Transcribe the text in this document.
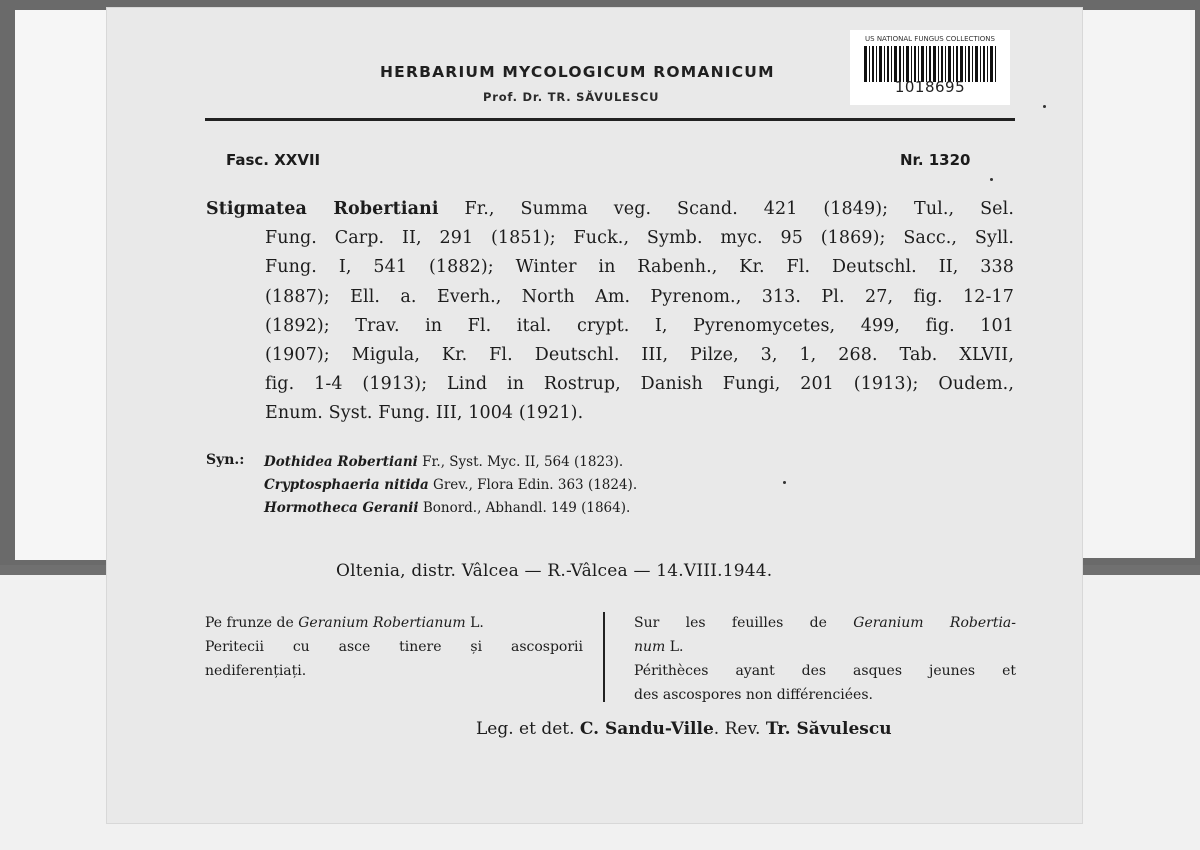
HERBARIUM MYCOLOGICUM ROMANICUM
Prof. Dr. TR. SĂVULESCU
US NATIONAL FUNGUS COLLECTIONS
1018695
Fasc. XXVII	Nr. 1320
Stigmatea Robertiani Fr., Summa veg. Scand. 421 (1849); Tul., Sel.
Fung. Carp. II, 291 (1851); Fuck., Symb. myc. 95 (1869); Sacc., Syll.
Fung. I, 541 (1882); Winter in Rabenh., Kr. Fl. Deutschl. II, 338
(1887); Ell. a. Everh., North Am. Pyrenom., 313. Pl. 27, fig. 12-17
(1892); Trav. in Fl. ital. crypt. I, Pyrenomycetes, 499, fig. 101
(1907); Migula, Kr. Fl. Deutschl. III, Pilze, 3, 1, 268. Tab. XLVII,
fig. 1-4 (1913); Lind in Rostrup, Danish Fungi, 201 (1913); Oudem.,
Enum. Syst. Fung. III, 1004 (1921).
Syn.: Dothidea Robertiani Fr., Syst. Myc. II, 564 (1823).
Cryptosphaeria nitida Grev., Flora Edin. 363 (1824).
Hormotheca Geranii Bonord., Abhandl. 149 (1864).
Oltenia, distr. Vâlcea — R.-Vâlcea — 14.VIII.1944.
Pe frunze de Geranium Robertianum L.
Peritecii cu asce tinere și ascosporii
nediferențiați.
Sur les feuilles de Geranium Robertia-
num L.
Périthèces ayant des asques jeunes et
des ascospores non différenciées.
Leg. et det. C. Sandu-Ville. Rev. Tr. Săvulescu
